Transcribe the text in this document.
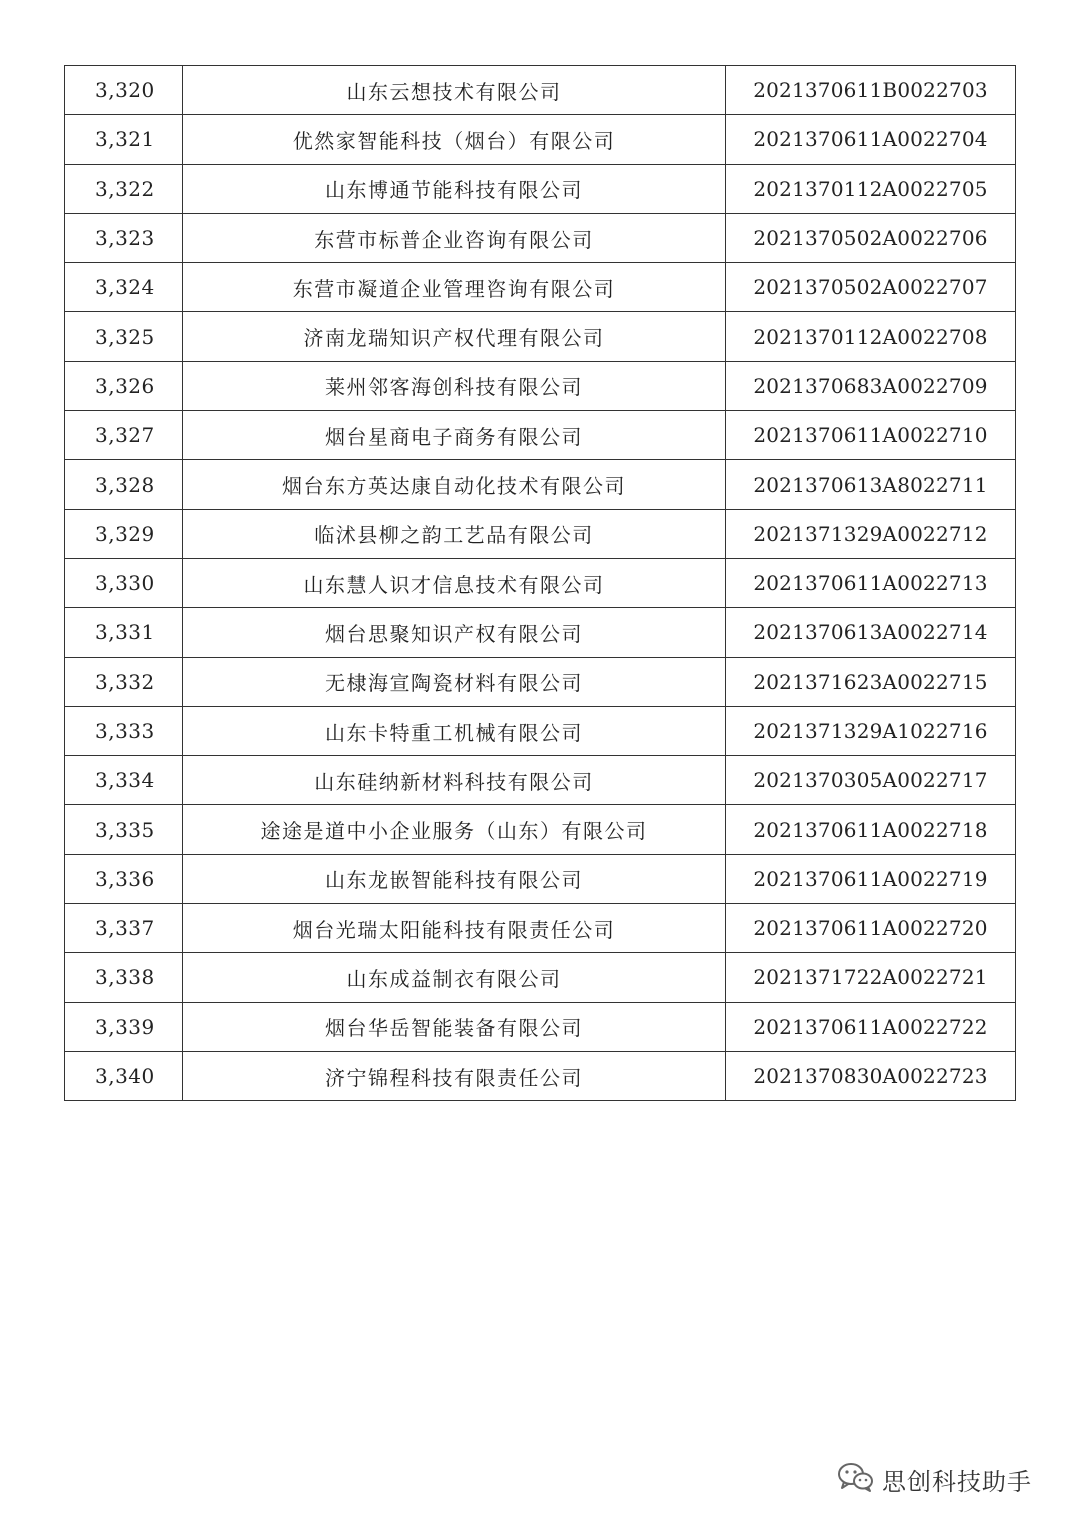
3,320	山东云想技术有限公司	2021370611B0022703
3,321	优然家智能科技（烟台）有限公司	2021370611A0022704
3,322	山东博通节能科技有限公司	2021370112A0022705
3,323	东营市标普企业咨询有限公司	2021370502A0022706
3,324	东营市凝道企业管理咨询有限公司	2021370502A0022707
3,325	济南龙瑞知识产权代理有限公司	2021370112A0022708
3,326	莱州邻客海创科技有限公司	2021370683A0022709
3,327	烟台星商电子商务有限公司	2021370611A0022710
3,328	烟台东方英达康自动化技术有限公司	2021370613A8022711
3,329	临沭县柳之韵工艺品有限公司	2021371329A0022712
3,330	山东慧人识才信息技术有限公司	2021370611A0022713
3,331	烟台思聚知识产权有限公司	2021370613A0022714
3,332	无棣海宣陶瓷材料有限公司	2021371623A0022715
3,333	山东卡特重工机械有限公司	2021371329A1022716
3,334	山东硅纳新材料科技有限公司	2021370305A0022717
3,335	途途是道中小企业服务（山东）有限公司	2021370611A0022718
3,336	山东龙嵌智能科技有限公司	2021370611A0022719
3,337	烟台光瑞太阳能科技有限责任公司	2021370611A0022720
3,338	山东成益制衣有限公司	2021371722A0022721
3,339	烟台华岳智能装备有限公司	2021370611A0022722
3,340	济宁锦程科技有限责任公司	2021370830A0022723
思创科技助手
